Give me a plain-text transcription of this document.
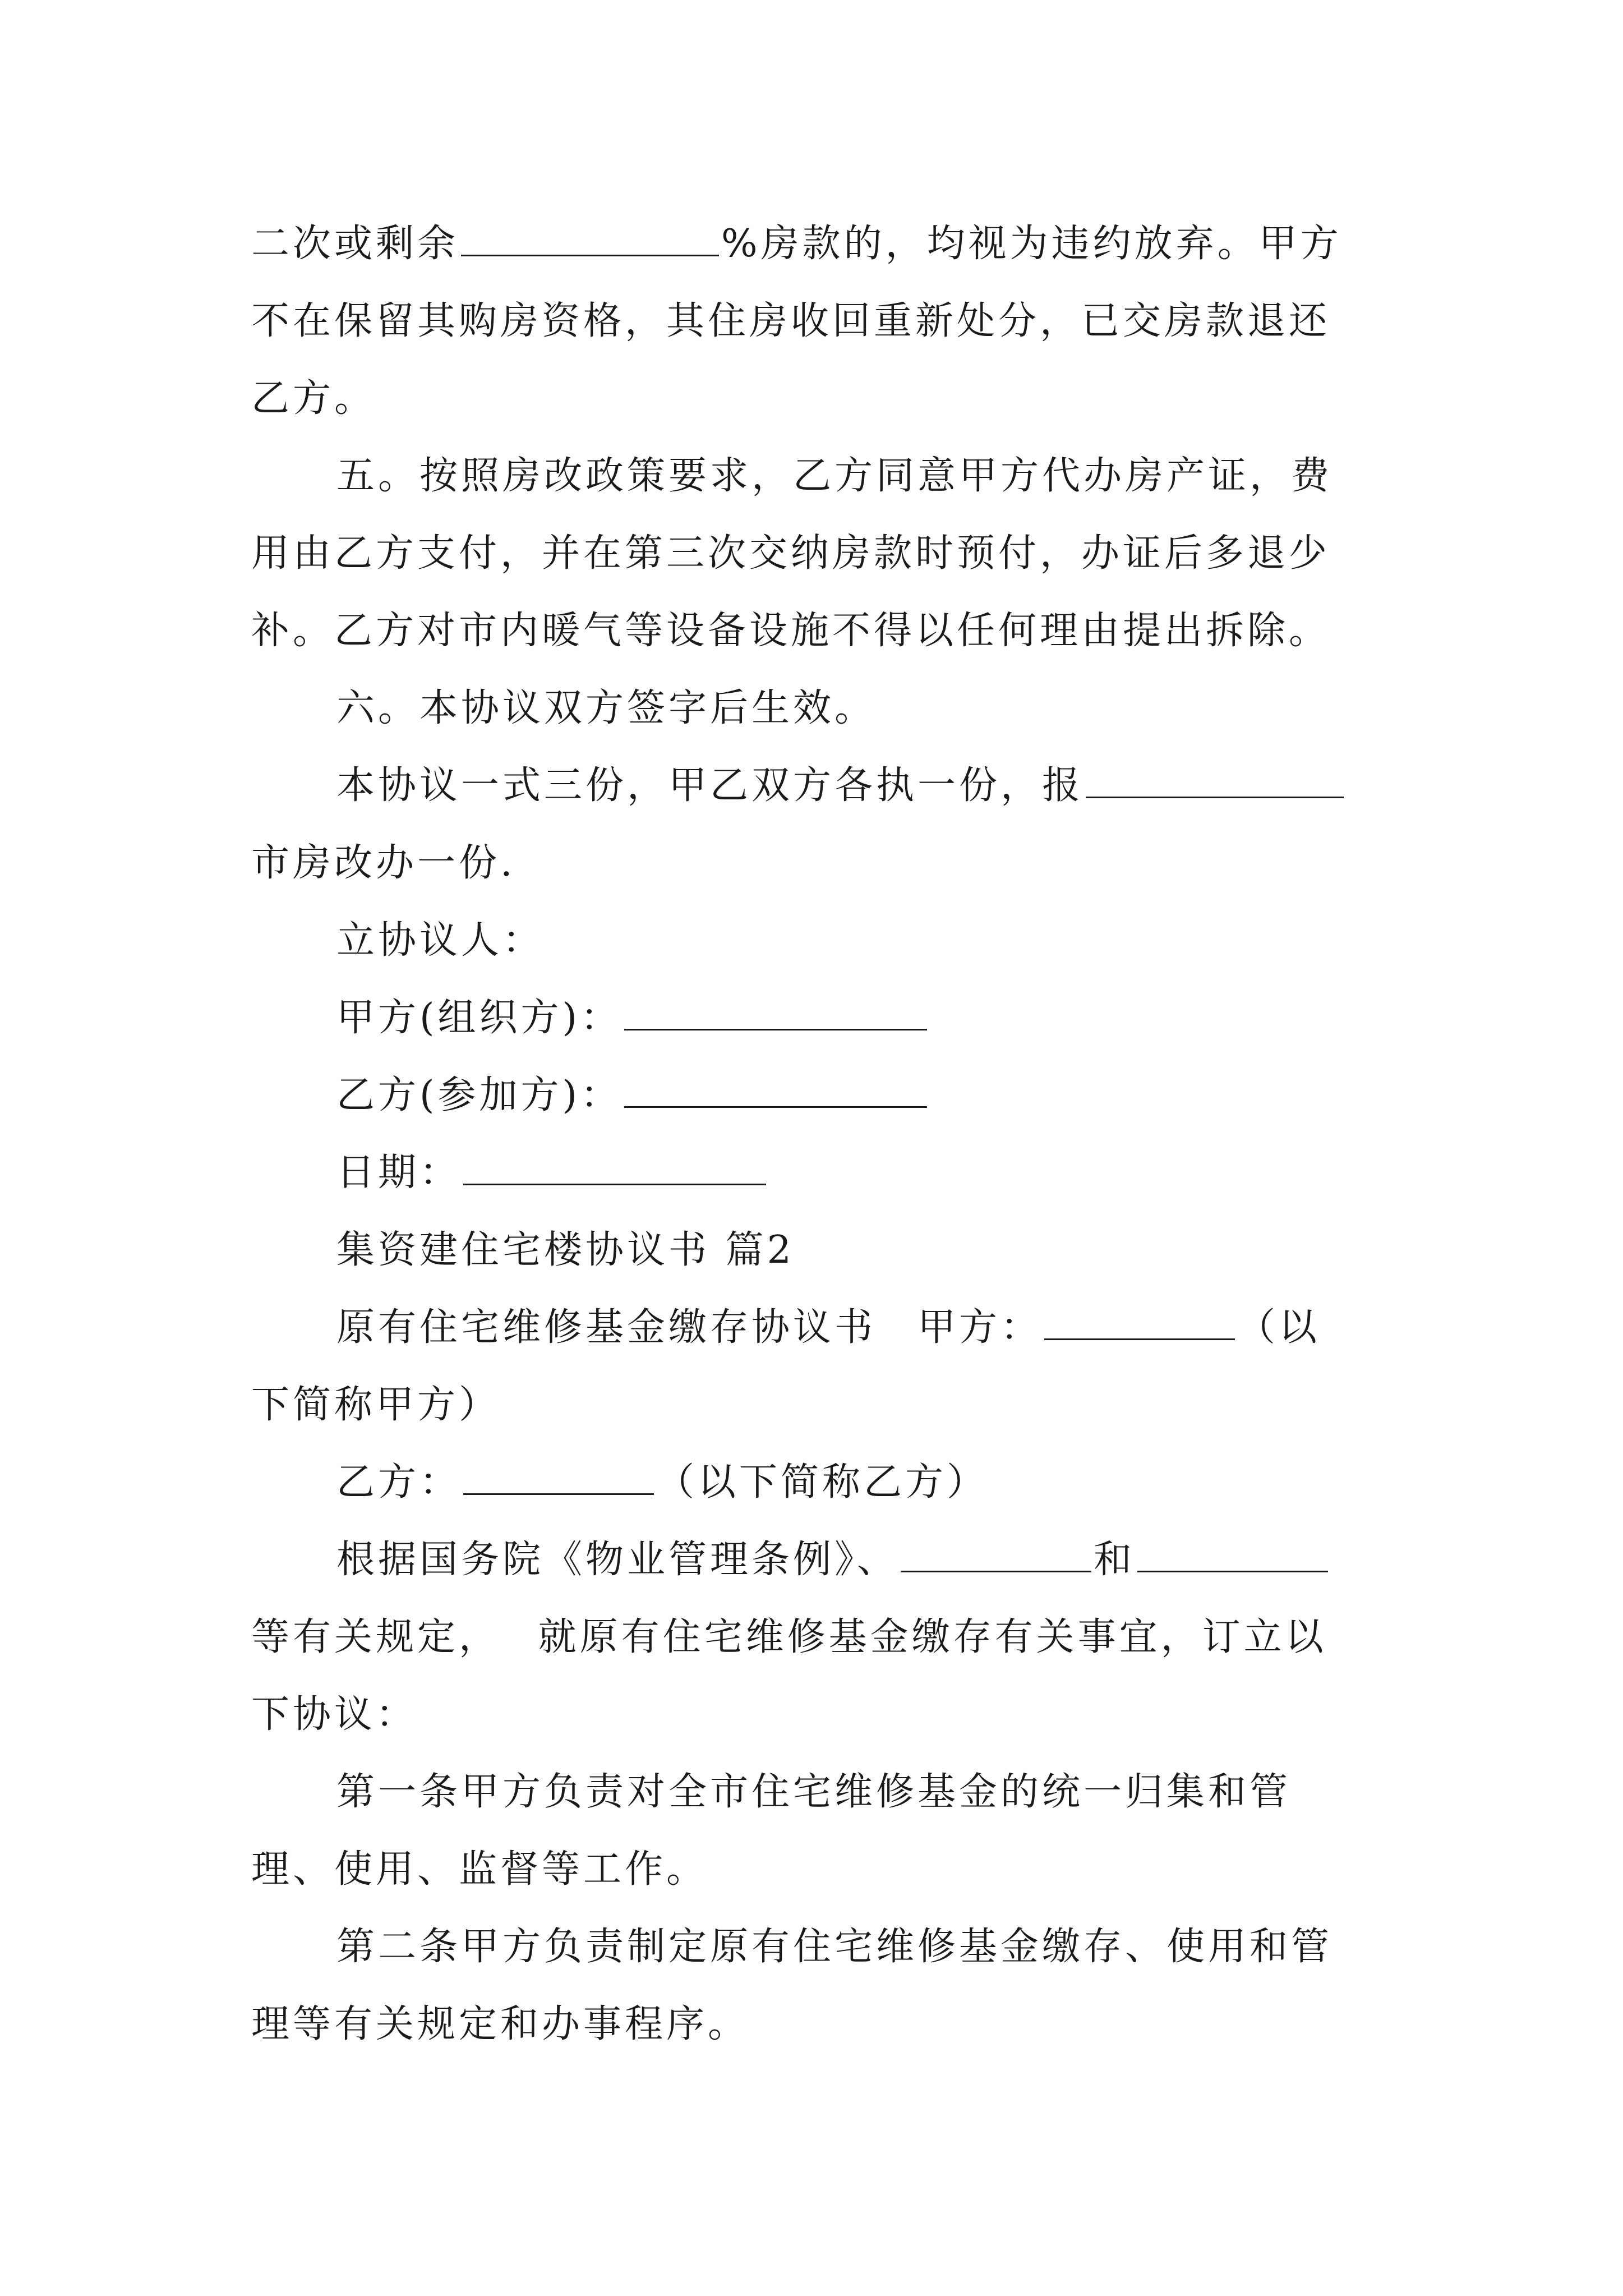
二次或剩余	%房款的，均视为违约放弃。甲方
不在保留其购房资格，其住房收回重新处分，已交房款退还
乙方。
五。按照房改政策要求，乙方同意甲方代办房产证，费
用由乙方支付，并在第三次交纳房款时预付，办证后多退少
补。乙方对市内暖气等设备设施不得以任何理由提出拆除。
六。本协议双方签字后生效。
本协议一式三份，甲乙双方各执一份，报
市房改办一份.
立协议人：
甲方(组织方)：
乙方(参加方)：
日期：
集资建住宅楼协议书 篇2
原有住宅维修基金缴存协议书　甲方：	（以
下简称甲方）
乙方：	（以下简称乙方）
根据国务院《物业管理条例》、	和
等有关规定，　 就原有住宅维修基金缴存有关事宜，订立以
下协议：
第一条甲方负责对全市住宅维修基金的统一归集和管
理、使用、监督等工作。
第二条甲方负责制定原有住宅维修基金缴存、使用和管
理等有关规定和办事程序。
